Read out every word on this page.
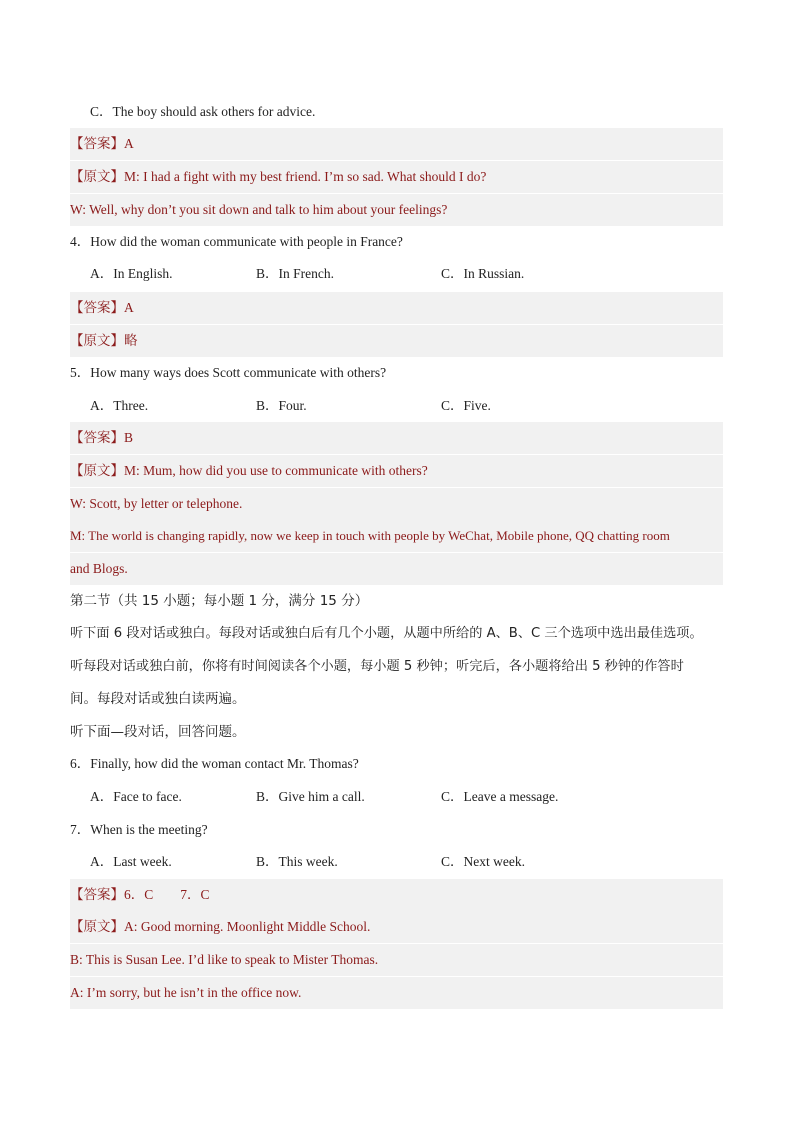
C．The boy should ask others for advice.
【答案】A
【原文】M: I had a fight with my best friend. I’m so sad. What should I do?
W: Well, why don’t you sit down and talk to him about your feelings?
4．How did the woman communicate with people in France?
A．In English.	B．In French.	C．In Russian.
【答案】A
【原文】略
5．How many ways does Scott communicate with others?
A．Three.	B．Four.	C．Five.
【答案】B
【原文】M: Mum, how did you use to communicate with others?
W: Scott, by letter or telephone.
M: The world is changing rapidly, now we keep in touch with people by WeChat, Mobile phone, QQ chatting room
and Blogs.
第二节（共 15 小题；每小题 1 分，满分 15 分）
听下面 6 段对话或独白。每段对话或独白后有几个小题，从题中所给的 A、B、C 三个选项中选出最佳选项。
听每段对话或独白前，你将有时间阅读各个小题，每小题 5 秒钟；听完后，各小题将给出 5 秒钟的作答时
间。每段对话或独白读两遍。
听下面—段对话，回答问题。
6．Finally, how did the woman contact Mr. Thomas?
A．Face to face.	B．Give him a call.	C．Leave a message.
7．When is the meeting?
A．Last week.	B．This week.	C．Next week.
【答案】6．C　　7．C
【原文】A: Good morning. Moonlight Middle School.
B: This is Susan Lee. I’d like to speak to Mister Thomas.
A: I’m sorry, but he isn’t in the office now.
